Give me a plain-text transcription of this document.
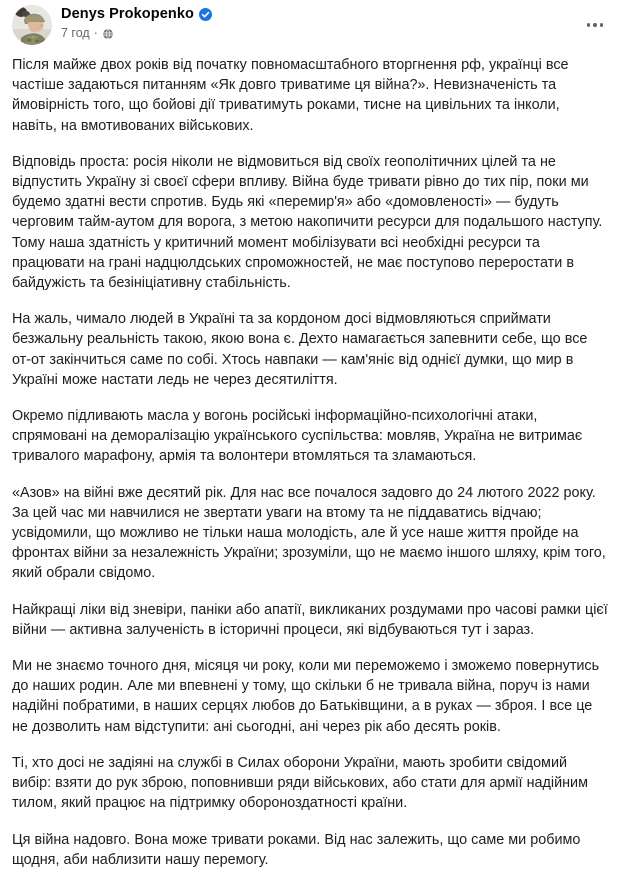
Denys Prokopenko
7 год ·

Після майже двох років від початку повномасштабного вторгнення рф, українці все частіше задаються питанням «Як довго триватиме ця війна?». Невизначеність та ймовірність того, що бойові дії триватимуть роками, тисне на цивільних та інколи, навіть, на вмотивованих військових.

Відповідь проста: росія ніколи не відмовиться від своїх геополітичних цілей та не відпустить Україну зі своєї сфери впливу. Війна буде тривати рівно до тих пір, поки ми будемо здатні вести спротив. Будь які «перемир'я» або «домовленості» — будуть черговим тайм-аутом для ворога, з метою накопичити ресурси для подальшого наступу. Тому наша здатність у критичний момент мобілізувати всі необхідні ресурси та працювати на грані надцюлдських спроможностей, не має поступово переростати в байдужість та безініціативну стабільність.

На жаль, чимало людей в Україні та за кордоном досі відмовляються сприймати безжальну реальність такою, якою вона є. Дехто намагається запевнити себе, що все от-от закінчиться саме по собі. Хтось навпаки — кам'яніє від однієї думки, що мир в Україні може настати ледь не через десятиліття.

Окремо підливають масла у вогонь російські інформаційно-психологічні атаки, спрямовані на деморалізацію українського суспільства: мовляв, Україна не витримає тривалого марафону, армія та волонтери втомляться та зламаються.

«Азов» на війні вже десятий рік. Для нас все почалося задовго до 24 лютого 2022 року. За цей час ми навчилися не звертати уваги на втому та не піддаватись відчаю; усвідомили, що можливо не тільки наша молодість, але й усе наше життя пройде на фронтах війни за незалежність України; зрозуміли, що не маємо іншого шляху, крім того, який обрали свідомо.

Найкращі ліки від зневіри, паніки або апатії, викликаних роздумами про часові рамки цієї війни — активна залученість в історичні процеси, які відбуваються тут і зараз.

Ми не знаємо точного дня, місяця чи року, коли ми переможемо і зможемо повернутись до наших родин. Але ми впевнені у тому, що скільки б не тривала війна, поруч із нами надійні побратими, в наших серцях любов до Батьківщини, а в руках — зброя. І все це не дозволить нам відступити: ані сьогодні, ані через рік або десять років.

Ті, хто досі не задіяні на службі в Силах оборони України, мають зробити свідомий вибір: взяти до рук зброю, поповнивши ряди військових, або стати для армії надійним тилом, який працює на підтримку обороноздатності країни.

Ця війна надовго. Вона може тривати роками. Від нас залежить, що саме ми робимо щодня, аби наблизити нашу перемогу.
